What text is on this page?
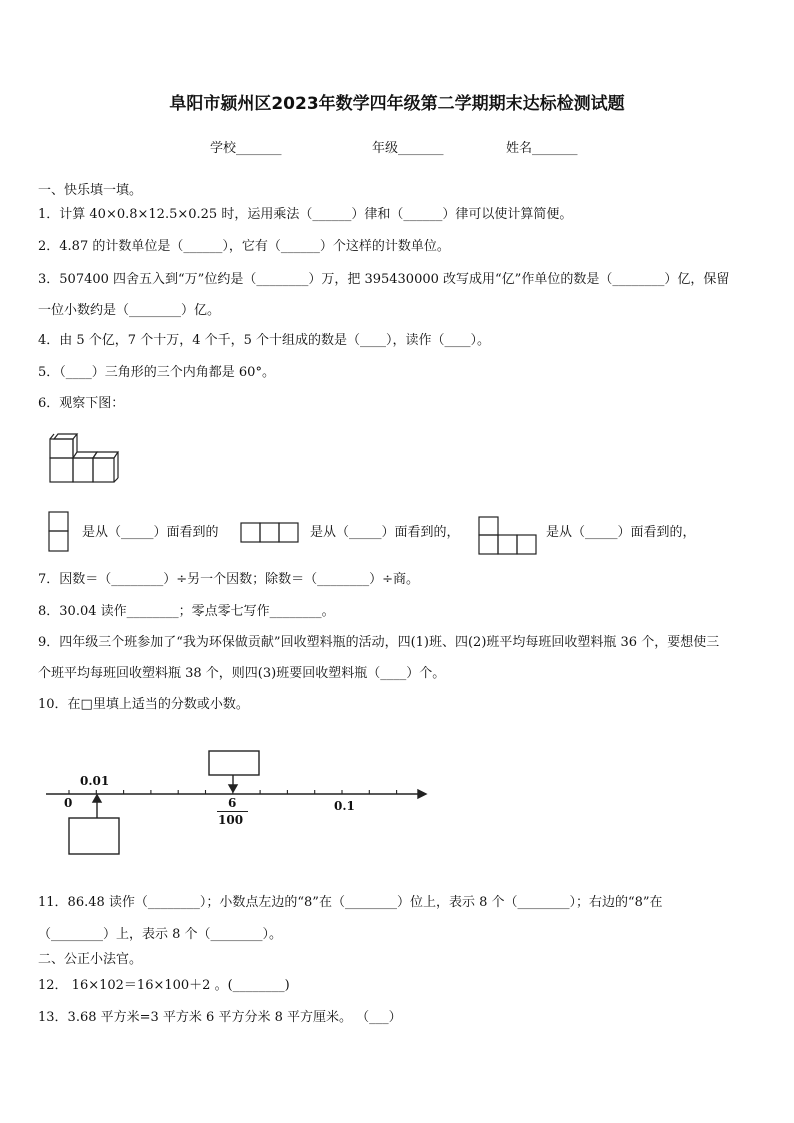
阜阳市颍州区2023年数学四年级第二学期期末达标检测试题
学校_______	年级_______	姓名_______
一、快乐填一填。
1．计算 40×0.8×12.5×0.25 时，运用乘法（______）律和（______）律可以使计算简便。
2．4.87 的计数单位是（______），它有（______）个这样的计数单位。
3．507400 四舍五入到“万”位约是（________）万，把 395430000 改写成用“亿”作单位的数是（________）亿，保留
一位小数约是（________）亿。
4．由 5 个亿，7 个十万，4 个千，5 个十组成的数是（____），读作（____）。
5．（____）三角形的三个内角都是 60°。
6．观察下图：
是从（_____）面看到的	是从（_____）面看到的，	是从（_____）面看到的，
7．因数＝（________）÷另一个因数；除数＝（________）÷商。
8．30.04 读作________；零点零七写作________。
9．四年级三个班参加了“我为环保做贡献”回收塑料瓶的活动，四(1)班、四(2)班平均每班回收塑料瓶 36 个，要想使三
个班平均每班回收塑料瓶 38 个，则四(3)班要回收塑料瓶（____）个。
10．在□里填上适当的分数或小数。
0.01
0	0.1
6
100
11．86.48 读作（________）；小数点左边的“8”在（________）位上，表示 8 个（________）；右边的“8”在
（________）上，表示 8 个（________）。
二、公正小法官。
12． 16×102＝16×100＋2 。(________)
13．3.68 平方米=3 平方米 6 平方分米 8 平方厘米。 （___）
